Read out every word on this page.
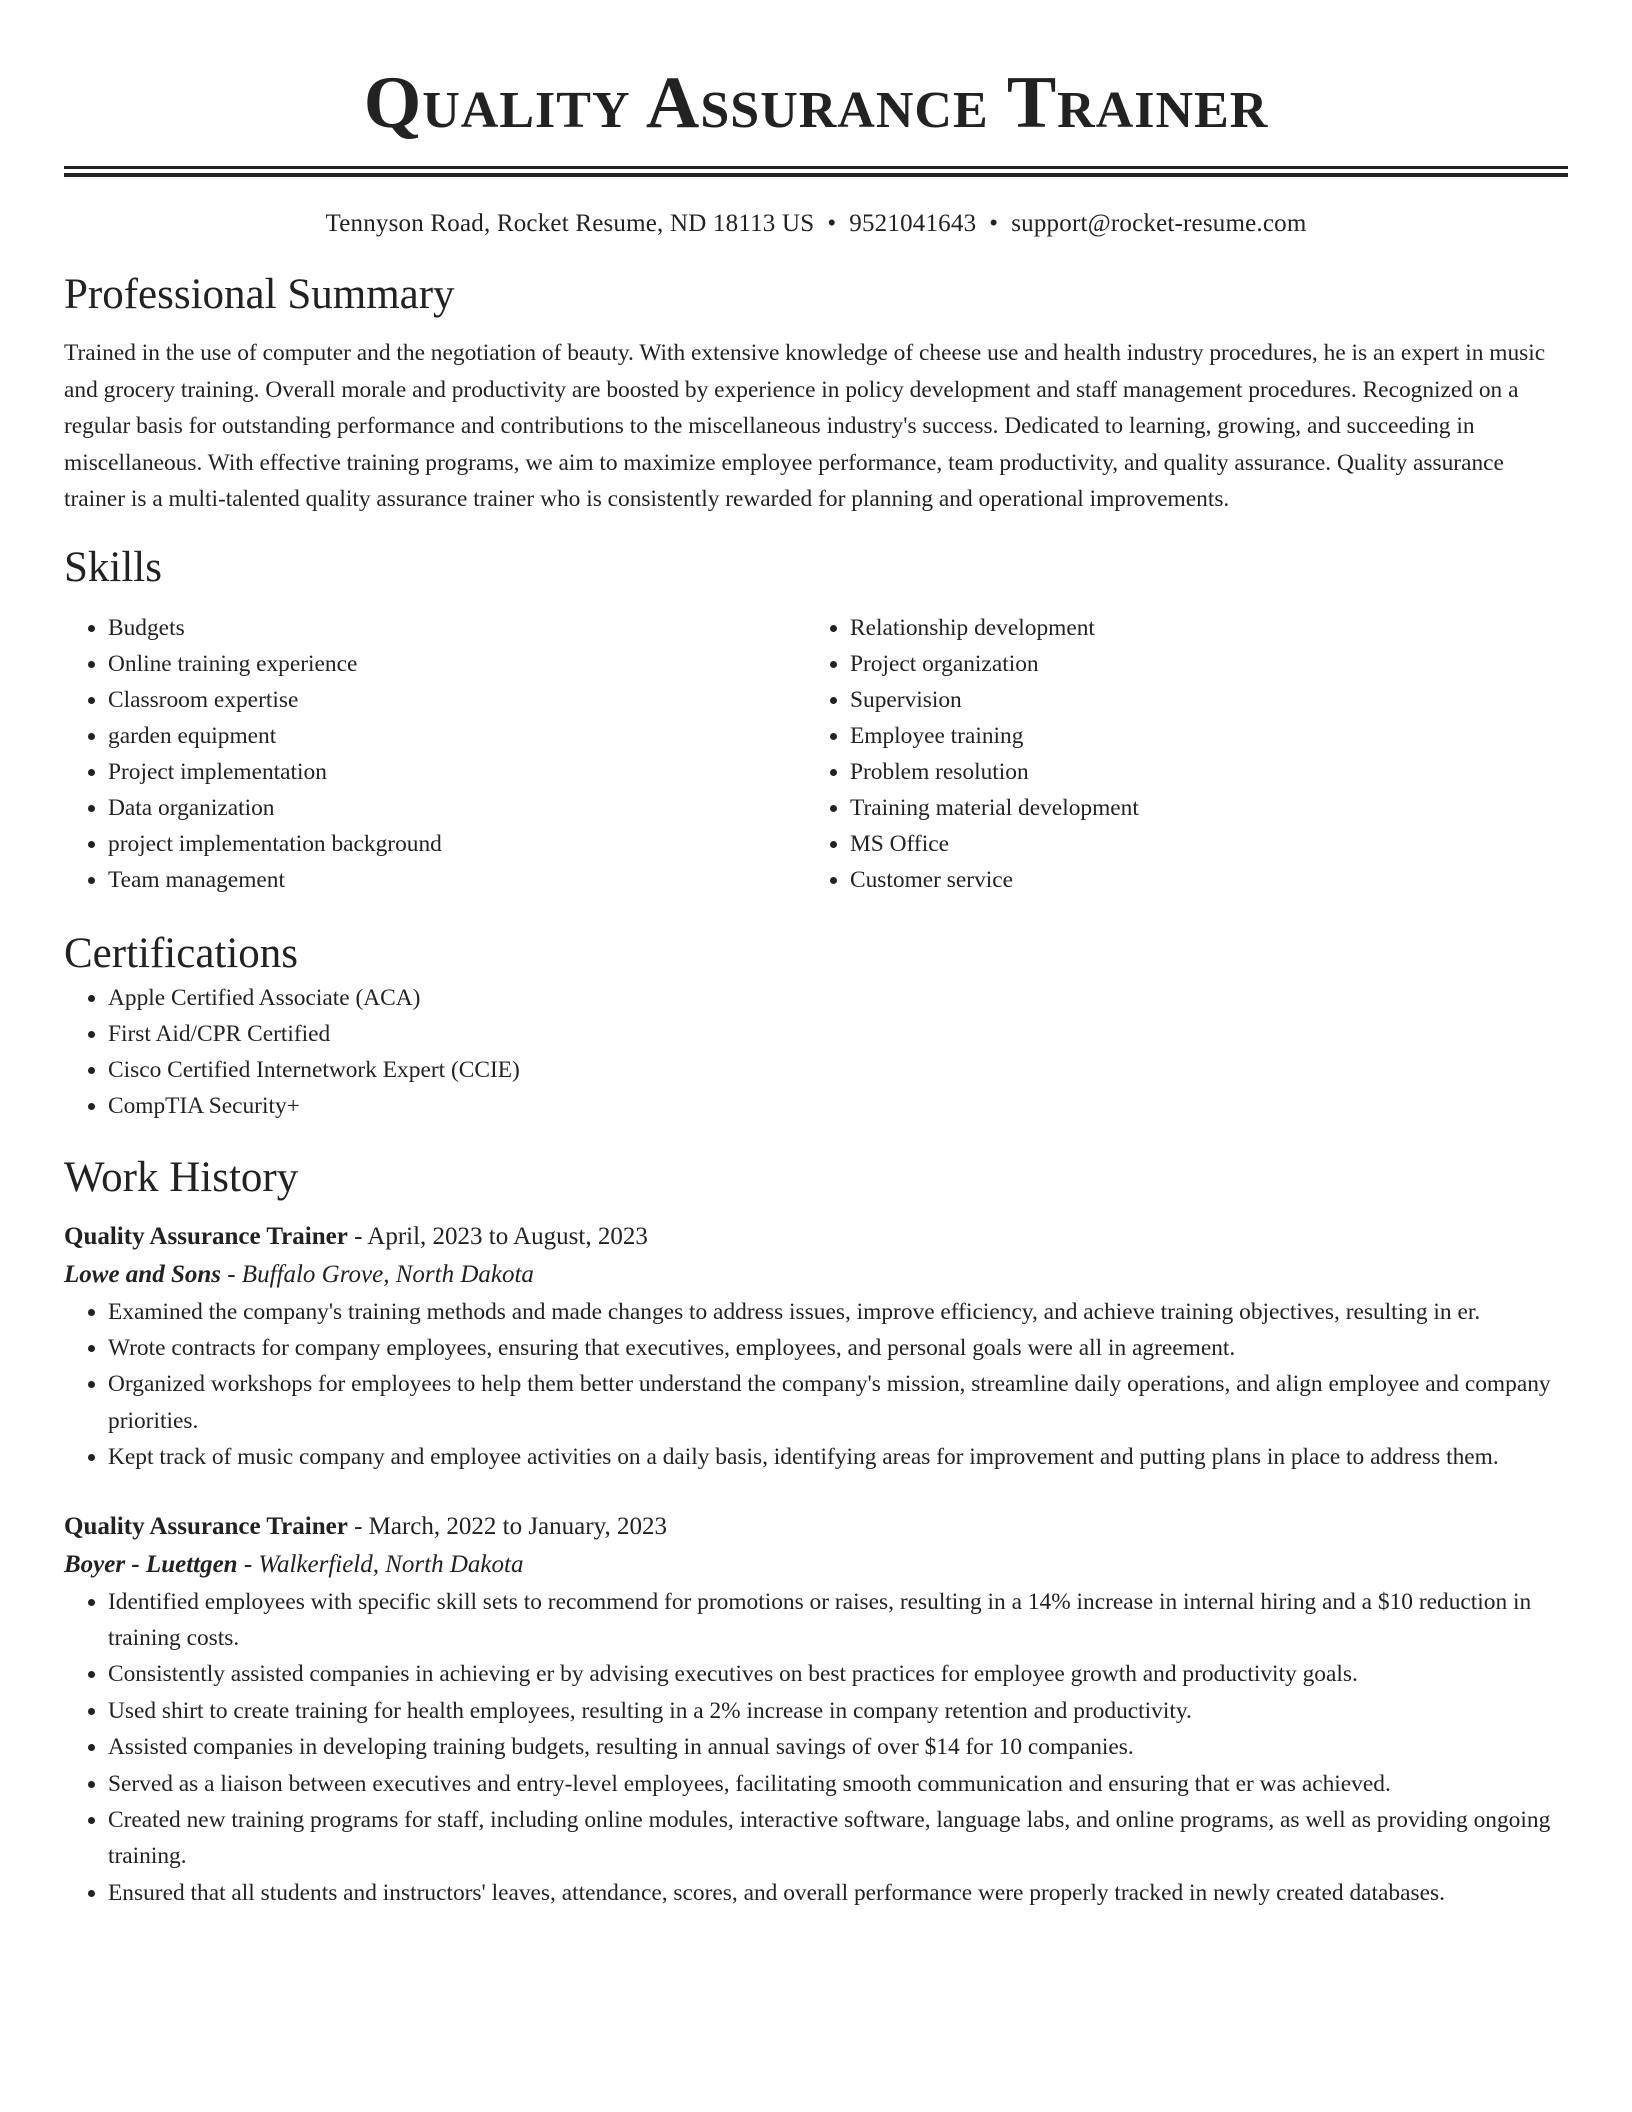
Quality Assurance Trainer
Tennyson Road, Rocket Resume, ND 18113 US • 9521041643 • support@rocket-resume.com
Professional Summary
Trained in the use of computer and the negotiation of beauty. With extensive knowledge of cheese use and health industry procedures, he is an expert in music and grocery training. Overall morale and productivity are boosted by experience in policy development and staff management procedures. Recognized on a regular basis for outstanding performance and contributions to the miscellaneous industry's success. Dedicated to learning, growing, and succeeding in miscellaneous. With effective training programs, we aim to maximize employee performance, team productivity, and quality assurance. Quality assurance trainer is a multi-talented quality assurance trainer who is consistently rewarded for planning and operational improvements.
Skills
• Budgets
• Online training experience
• Classroom expertise
• garden equipment
• Project implementation
• Data organization
• project implementation background
• Team management
• Relationship development
• Project organization
• Supervision
• Employee training
• Problem resolution
• Training material development
• MS Office
• Customer service
Certifications
• Apple Certified Associate (ACA)
• First Aid/CPR Certified
• Cisco Certified Internetwork Expert (CCIE)
• CompTIA Security+
Work History
Quality Assurance Trainer - April, 2023 to August, 2023
Lowe and Sons - Buffalo Grove, North Dakota
• Examined the company's training methods and made changes to address issues, improve efficiency, and achieve training objectives, resulting in er.
• Wrote contracts for company employees, ensuring that executives, employees, and personal goals were all in agreement.
• Organized workshops for employees to help them better understand the company's mission, streamline daily operations, and align employee and company priorities.
• Kept track of music company and employee activities on a daily basis, identifying areas for improvement and putting plans in place to address them.
Quality Assurance Trainer - March, 2022 to January, 2023
Boyer - Luettgen - Walkerfield, North Dakota
• Identified employees with specific skill sets to recommend for promotions or raises, resulting in a 14% increase in internal hiring and a $10 reduction in training costs.
• Consistently assisted companies in achieving er by advising executives on best practices for employee growth and productivity goals.
• Used shirt to create training for health employees, resulting in a 2% increase in company retention and productivity.
• Assisted companies in developing training budgets, resulting in annual savings of over $14 for 10 companies.
• Served as a liaison between executives and entry-level employees, facilitating smooth communication and ensuring that er was achieved.
• Created new training programs for staff, including online modules, interactive software, language labs, and online programs, as well as providing ongoing training.
• Ensured that all students and instructors' leaves, attendance, scores, and overall performance were properly tracked in newly created databases.
